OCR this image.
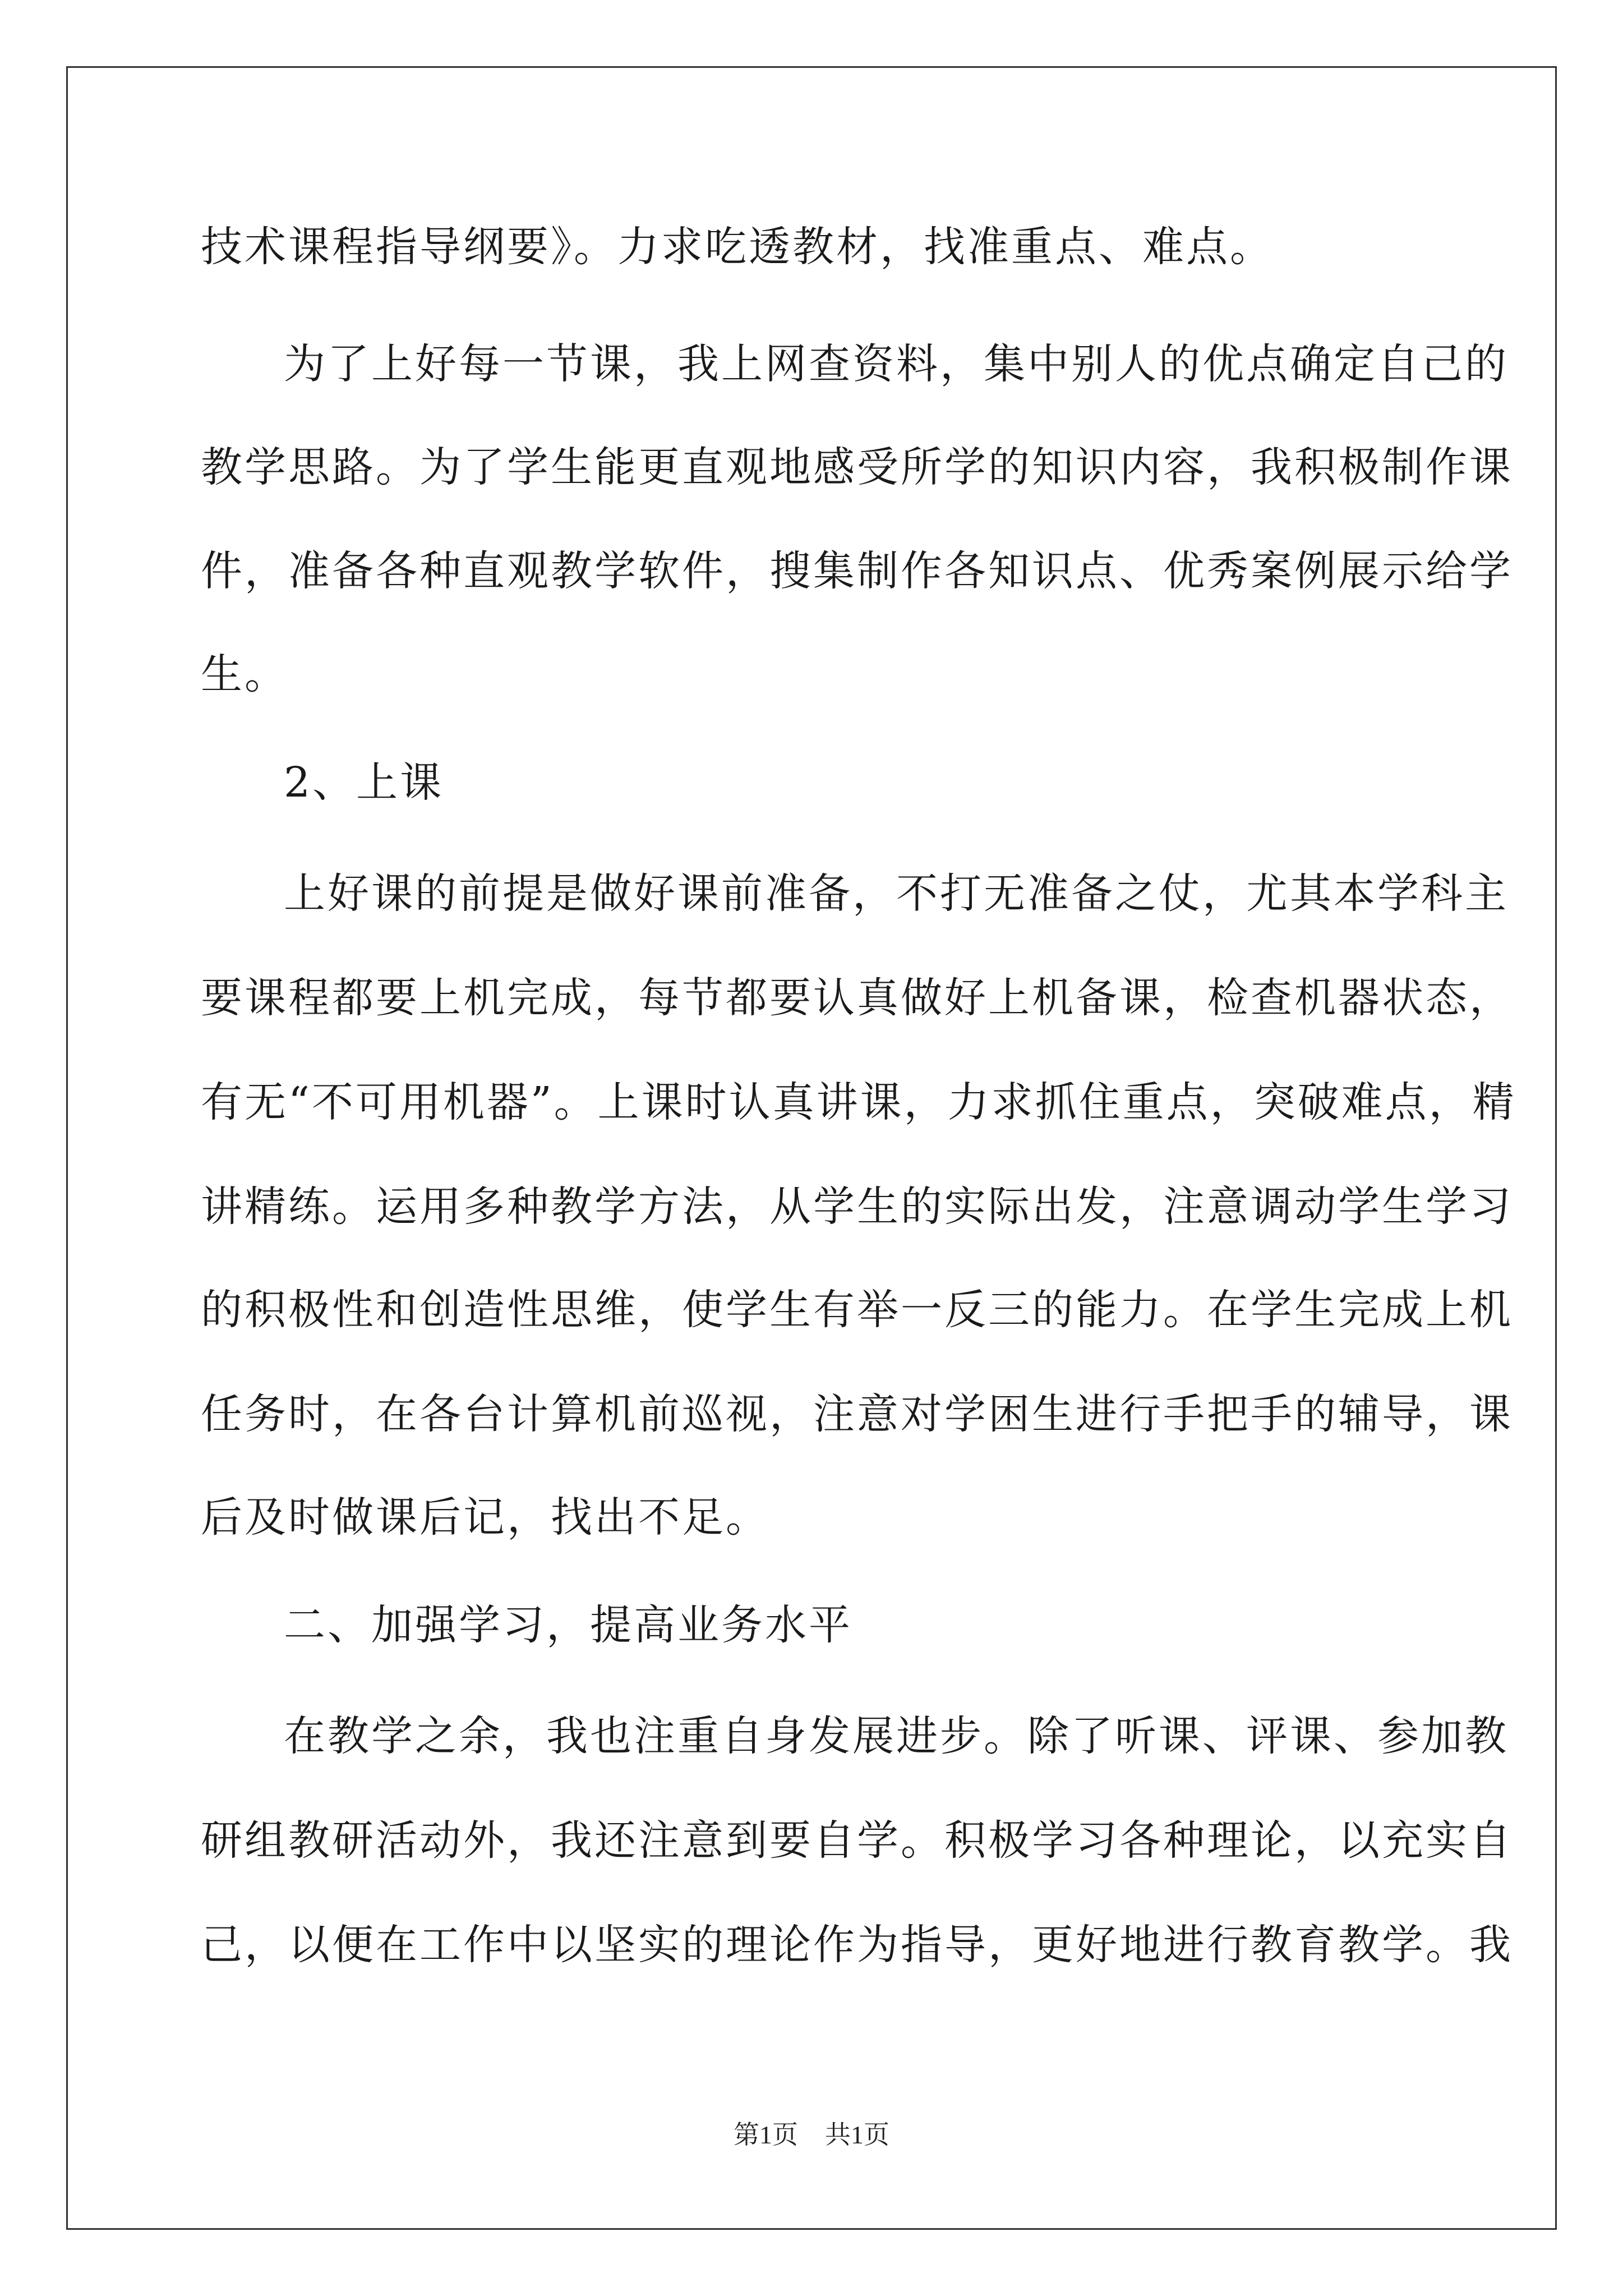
技术课程指导纲要》。力求吃透教材，找准重点、难点。
为了上好每一节课，我上网查资料，集中别人的优点确定自己的
教学思路。为了学生能更直观地感受所学的知识内容，我积极制作课
件，准备各种直观教学软件，搜集制作各知识点、优秀案例展示给学
生。
2、上课
上好课的前提是做好课前准备，不打无准备之仗，尤其本学科主
要课程都要上机完成，每节都要认真做好上机备课，检查机器状态，
有无“不可用机器”。上课时认真讲课，力求抓住重点，突破难点，精
讲精练。运用多种教学方法，从学生的实际出发，注意调动学生学习
的积极性和创造性思维，使学生有举一反三的能力。在学生完成上机
任务时，在各台计算机前巡视，注意对学困生进行手把手的辅导，课
后及时做课后记，找出不足。
二、加强学习，提高业务水平
在教学之余，我也注重自身发展进步。除了听课、评课、参加教
研组教研活动外，我还注意到要自学。积极学习各种理论，以充实自
己，以便在工作中以坚实的理论作为指导，更好地进行教育教学。我
第1页 共1页
